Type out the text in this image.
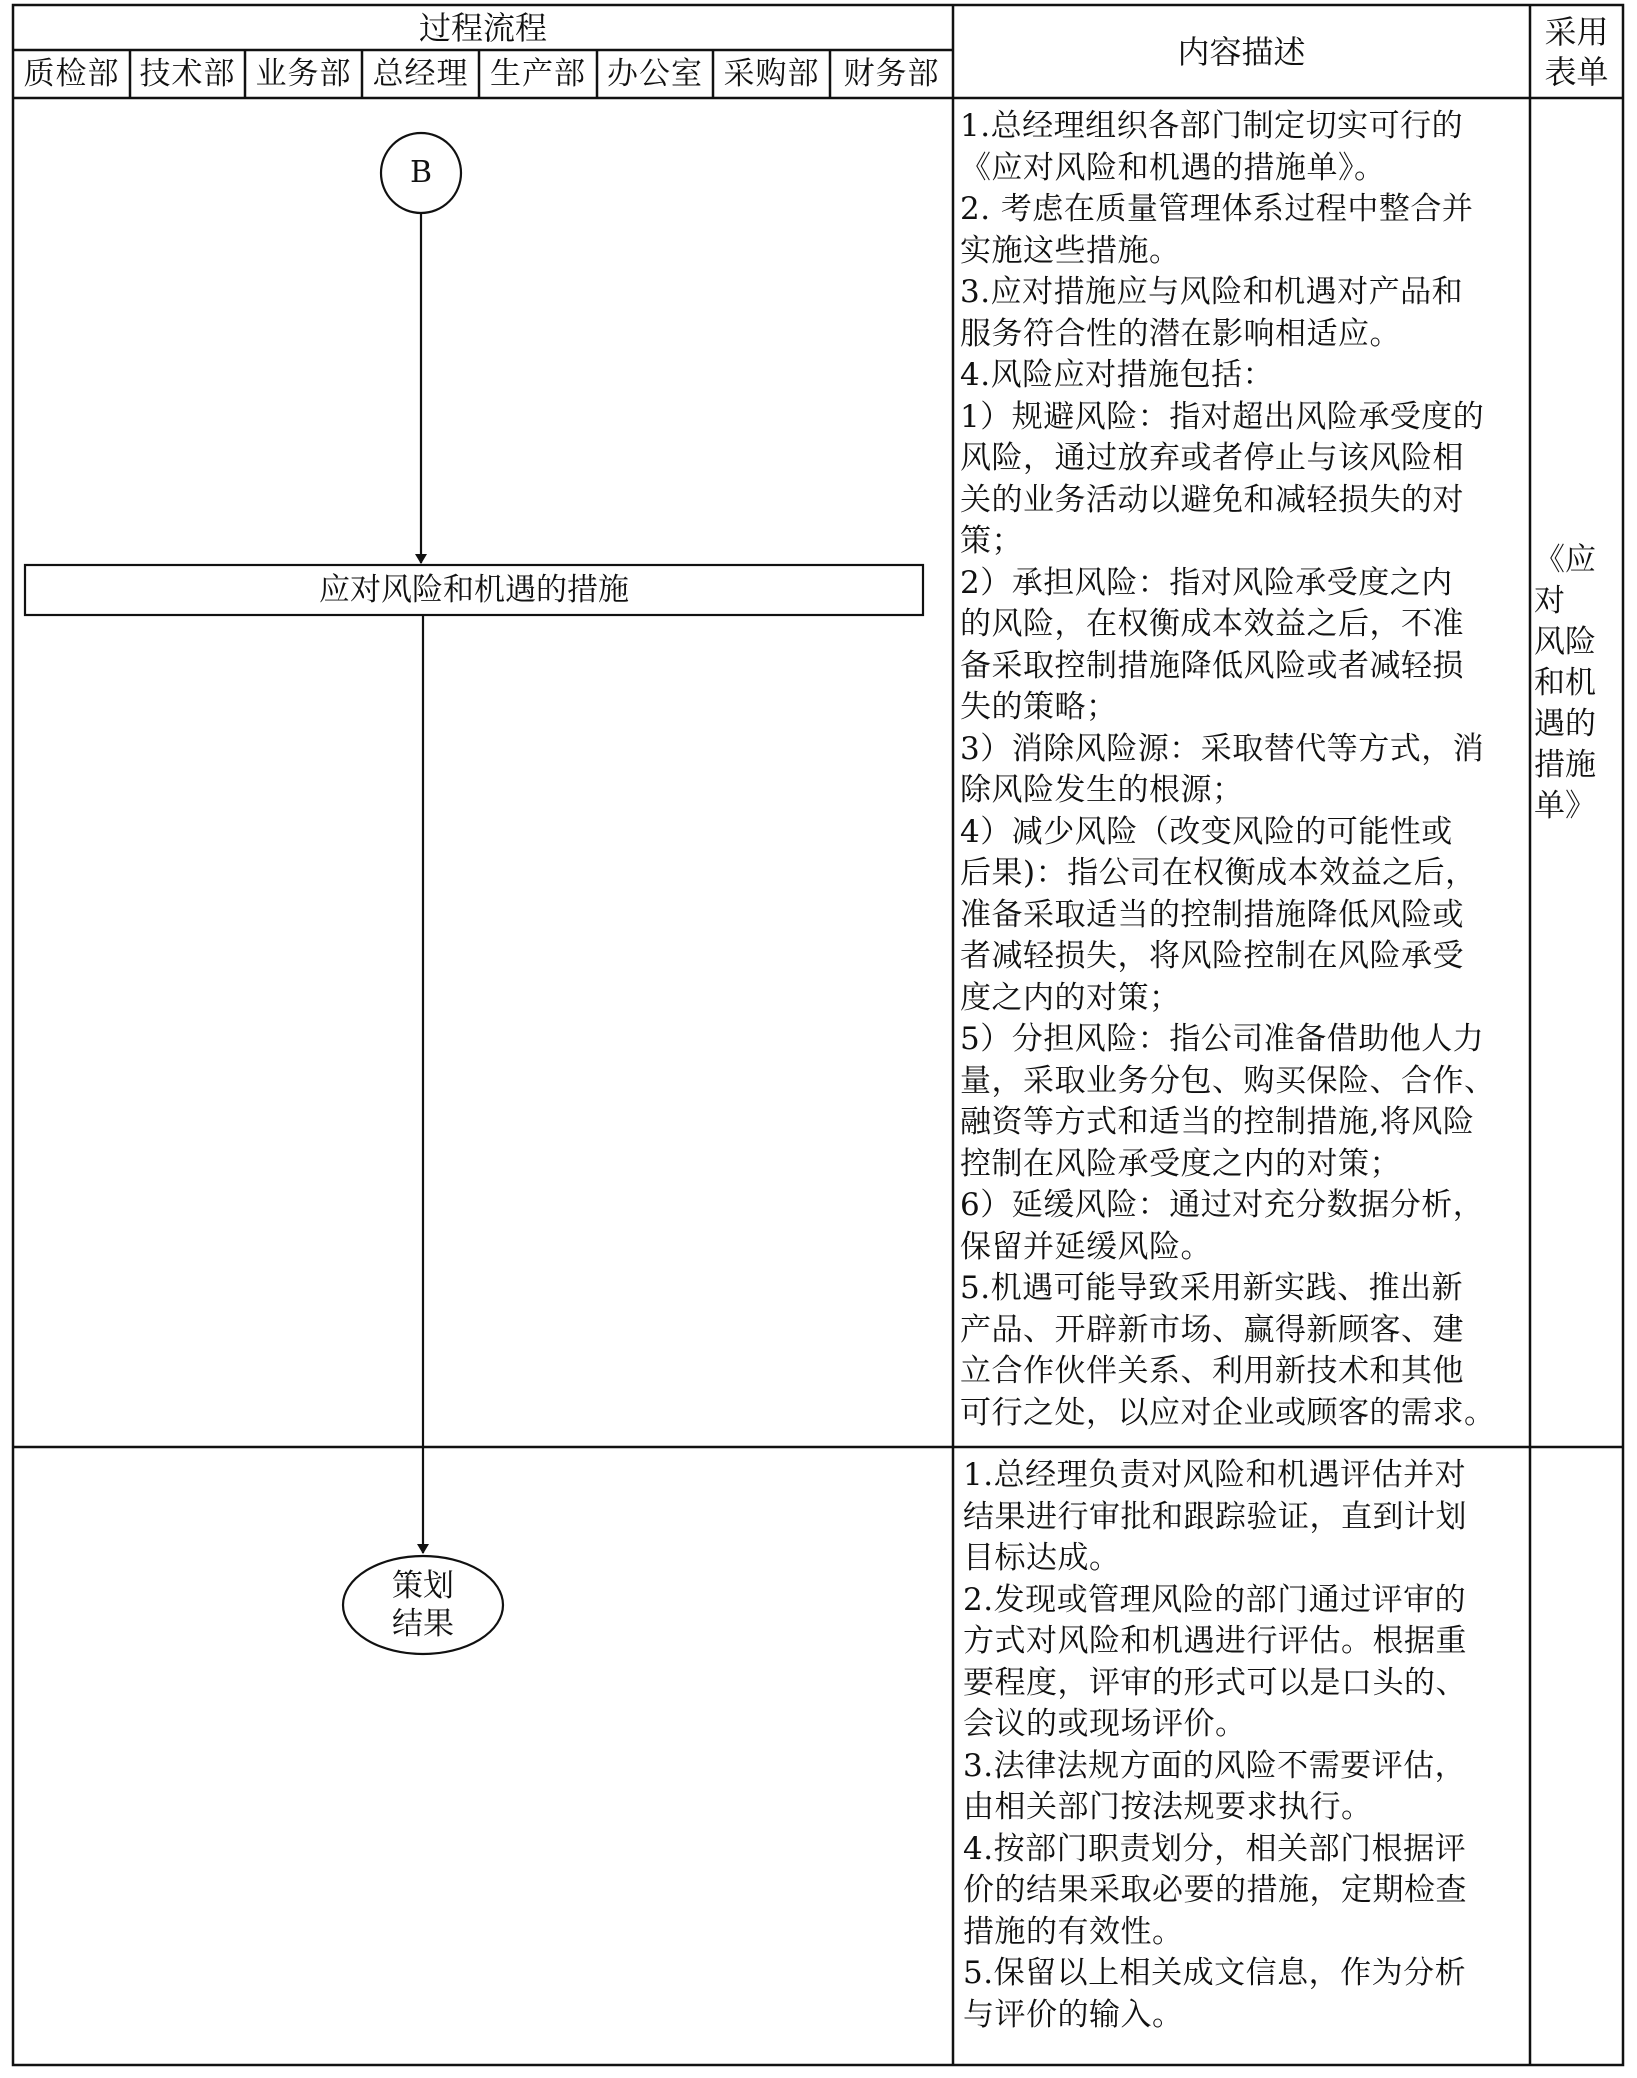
过程流程
内容描述
采用
表单
质检部 技术部 业务部 总经理 生产部 办公室 采购部 财务部
B
应对风险和机遇的措施
策划
结果
1.总经理组织各部门制定切实可行的
《应对风险和机遇的措施单》。
2. 考虑在质量管理体系过程中整合并
实施这些措施。
3.应对措施应与风险和机遇对产品和
服务符合性的潜在影响相适应。
4.风险应对措施包括：
1）规避风险：指对超出风险承受度的
风险，通过放弃或者停止与该风险相
关的业务活动以避免和减轻损失的对
策；
2）承担风险：指对风险承受度之内
的风险，在权衡成本效益之后，不准
备采取控制措施降低风险或者减轻损
失的策略；
3）消除风险源：采取替代等方式，消
除风险发生的根源；
4）减少风险（改变风险的可能性或
后果)：指公司在权衡成本效益之后，
准备采取适当的控制措施降低风险或
者减轻损失，将风险控制在风险承受
度之内的对策；
5）分担风险：指公司准备借助他人力
量，采取业务分包、购买保险、合作、
融资等方式和适当的控制措施,将风险
控制在风险承受度之内的对策；
6）延缓风险：通过对充分数据分析，
保留并延缓风险。
5.机遇可能导致采用新实践、推出新
产品、开辟新市场、赢得新顾客、建
立合作伙伴关系、利用新技术和其他
可行之处，以应对企业或顾客的需求。
《应对
风险
和机
遇的
措施
单》
1.总经理负责对风险和机遇评估并对
结果进行审批和跟踪验证，直到计划
目标达成。
2.发现或管理风险的部门通过评审的
方式对风险和机遇进行评估。根据重
要程度，评审的形式可以是口头的、
会议的或现场评价。
3.法律法规方面的风险不需要评估，
由相关部门按法规要求执行。
4.按部门职责划分，相关部门根据评
价的结果采取必要的措施，定期检查
措施的有效性。
5.保留以上相关成文信息，作为分析
与评价的输入。
